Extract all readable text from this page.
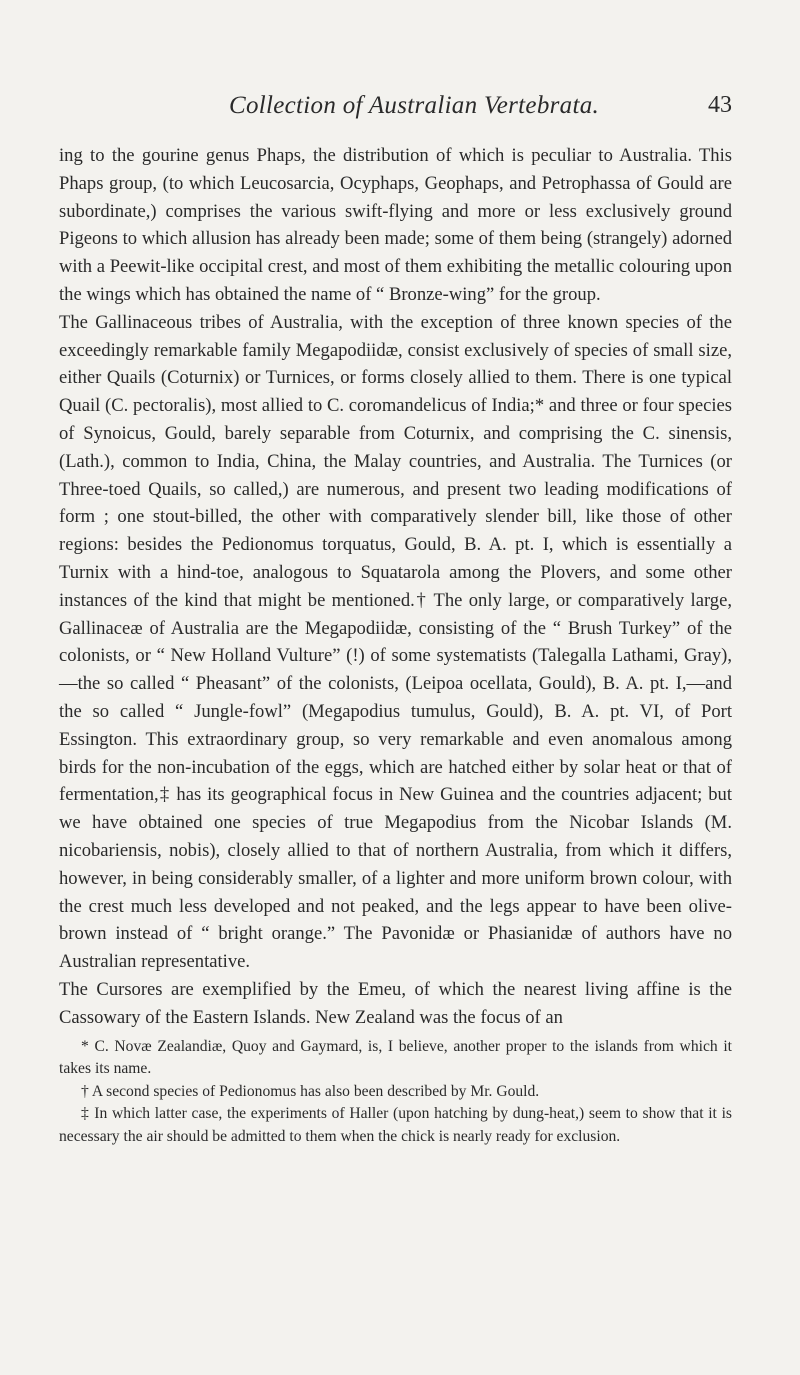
Collection of Australian Vertebrata.	43

ing to the gourine genus Phaps, the distribution of which is peculiar to Australia. This Phaps group, (to which Leucosarcia, Ocyphaps, Geophaps, and Petrophassa of Gould are subordinate,) comprises the various swift-flying and more or less exclusively ground Pigeons to which allusion has already been made; some of them being (strangely) adorned with a Peewit-like occipital crest, and most of them exhibiting the metallic colouring upon the wings which has obtained the name of “ Bronze-wing” for the group.

The Gallinaceous tribes of Australia, with the exception of three known species of the exceedingly remarkable family Megapodiidæ, consist exclusively of species of small size, either Quails (Coturnix) or Turnices, or forms closely allied to them. There is one typical Quail (C. pectoralis), most allied to C. coromandelicus of India;* and three or four species of Synoicus, Gould, barely separable from Coturnix, and comprising the C. sinensis, (Lath.), common to India, China, the Malay countries, and Australia. The Turnices (or Three-toed Quails, so called,) are numerous, and present two leading modifications of form ; one stout-billed, the other with comparatively slender bill, like those of other regions: besides the Pedionomus torquatus, Gould, B. A. pt. I, which is essentially a Turnix with a hind-toe, analogous to Squatarola among the Plovers, and some other instances of the kind that might be mentioned.† The only large, or comparatively large, Gallinaceæ of Australia are the Megapodiidæ, consisting of the “ Brush Turkey” of the colonists, or “ New Holland Vulture” (!) of some systematists (Talegalla Lathami, Gray),—the so called “ Pheasant” of the colonists, (Leipoa ocellata, Gould), B. A. pt. I,—and the so called “ Jungle-fowl” (Megapodius tumulus, Gould), B. A. pt. VI, of Port Essington. This extraordinary group, so very remarkable and even anomalous among birds for the non-incubation of the eggs, which are hatched either by solar heat or that of fermentation,‡ has its geographical focus in New Guinea and the countries adjacent; but we have obtained one species of true Megapodius from the Nicobar Islands (M. nicobariensis, nobis), closely allied to that of northern Australia, from which it differs, however, in being considerably smaller, of a lighter and more uniform brown colour, with the crest much less developed and not peaked, and the legs appear to have been olive-brown instead of “ bright orange.” The Pavonidæ or Phasianidæ of authors have no Australian representative.

The Cursores are exemplified by the Emeu, of which the nearest living affine is the Cassowary of the Eastern Islands. New Zealand was the focus of an

* C. Novæ Zealandiæ, Quoy and Gaymard, is, I believe, another proper to the islands from which it takes its name.

† A second species of Pedionomus has also been described by Mr. Gould.

‡ In which latter case, the experiments of Haller (upon hatching by dung-heat,) seem to show that it is necessary the air should be admitted to them when the chick is nearly ready for exclusion.
